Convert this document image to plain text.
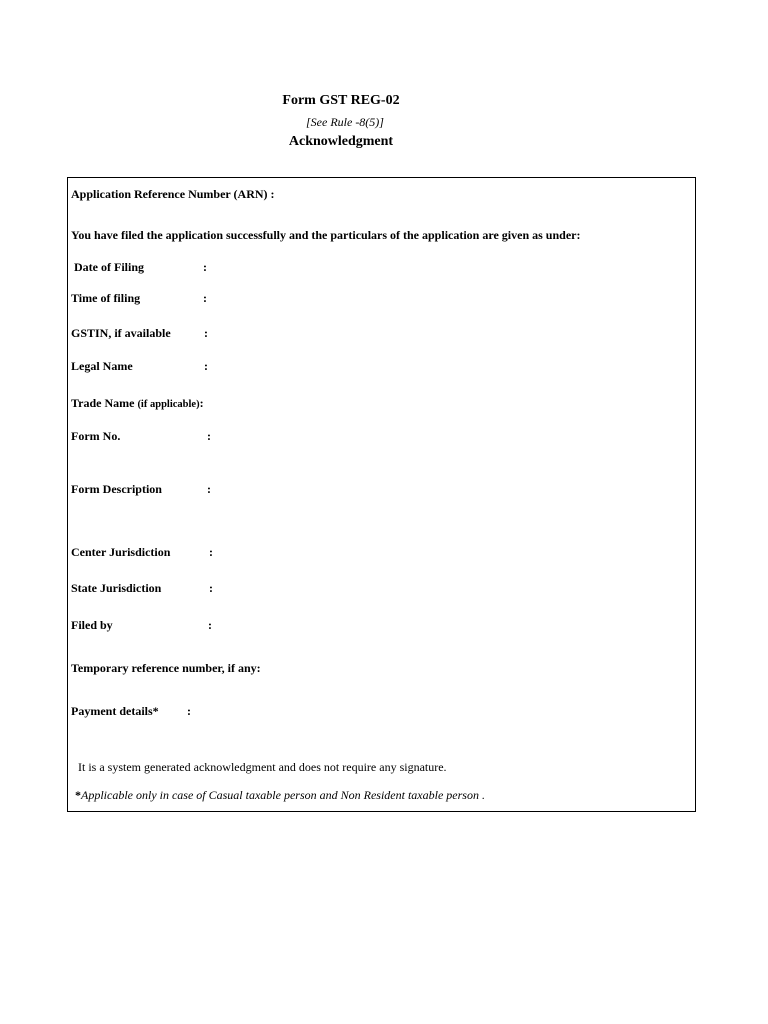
Form GST REG-02
[See Rule -8(5)]
Acknowledgment
Application Reference Number (ARN) :
You have filed the application successfully and the particulars of the application are given as under:
Date of Filing	:
Time of filing	:
GSTIN, if available	:
Legal Name	:
Trade Name (if applicable):
Form No.	:
Form Description	:
Center Jurisdiction	:
State Jurisdiction	:
Filed by	:
Temporary reference number, if any:
Payment details* :
It is a system generated acknowledgment and does not require any signature.
*Applicable only in case of Casual taxable person and Non Resident taxable person .
